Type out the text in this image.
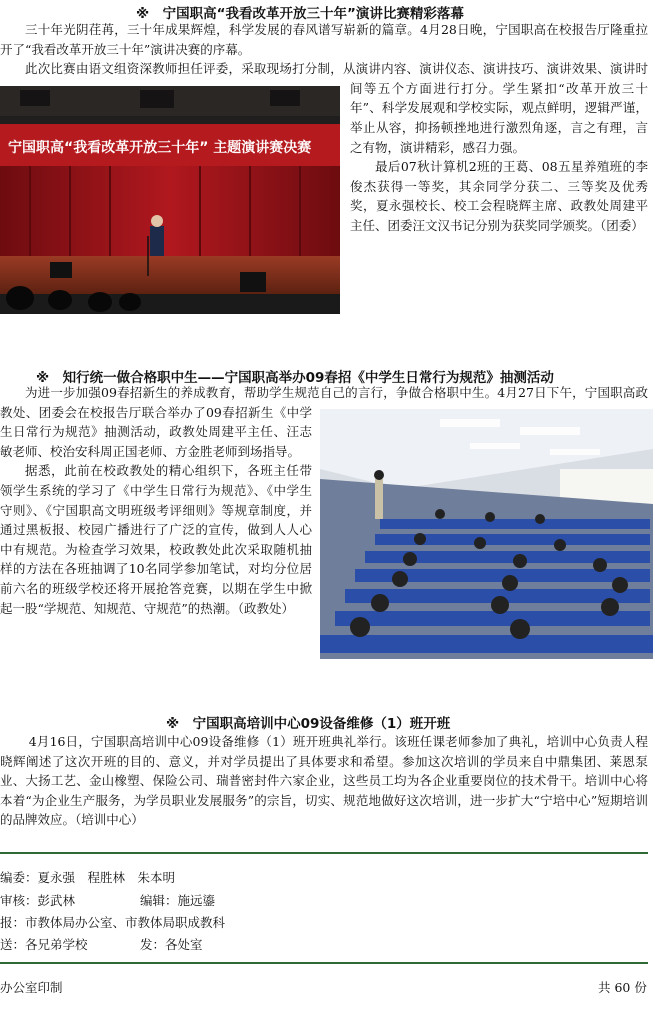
※　宁国职高“我看改革开放三十年”演讲比赛精彩落幕

三十年光阴荏苒，三十年成果辉煌，科学发展的春风谱写崭新的篇章。4月28日晚，宁国职高在校报告厅隆重拉开了“我看改革开放三十年”演讲决赛的序幕。

此次比赛由语文组资深教师担任评委，采取现场打分制，从演讲内容、演讲仪态、演讲技巧、演讲效果、演讲时间等五个方面进行打分。学生紧扣“改革开放三十年”、科学发展观和学校实际，观点鲜明，逻辑严谨，举止从容，抑扬顿挫地进行激烈角逐，言之有理，言之有物，演讲精彩，感召力强。

最后07秋计算机2班的王葛、08五星养殖班的李俊杰获得一等奖，其余同学分获二、三等奖及优秀奖，夏永强校长、校工会程晓辉主席、政教处周建平主任、团委汪文汉书记分别为获奖同学颁奖。（团委）

宁国职高“我看改革开放三十年” 主题演讲赛决赛
※　知行统一做合格职中生——宁国职高举办09春招《中学生日常行为规范》抽测活动

为进一步加强09春招新生的养成教育，帮助学生规范自己的言行，争做合格职中生。4月27日下午，宁国职高政教处、团委会在校报告厅联合举办了09春招新生《中学生日常行为规范》抽测活动，政教处周建平主任、汪志敏老师、校治安科周正国老师、方金胜老师到场指导。

据悉，此前在校政教处的精心组织下，各班主任带领学生系统的学习了《中学生日常行为规范》、《中学生守则》、《宁国职高文明班级考评细则》等规章制度，并通过黑板报、校园广播进行了广泛的宣传，做到人人心中有规范。为检查学习效果，校政教处此次采取随机抽样的方法在各班抽调了10名同学参加笔试，对均分位居前六名的班级学校还将开展抢答竞赛，以期在学生中掀起一股“学规范、知规范、守规范”的热潮。（政教处）

※　宁国职高培训中心09设备维修（1）班开班

4月16日，宁国职高培训中心09设备维修（1）班开班典礼举行。该班任课老师参加了典礼，培训中心负责人程晓辉阐述了这次开班的目的、意义，并对学员提出了具体要求和希望。参加这次培训的学员来自中鼎集团、莱恩泵业、大扬工艺、金山橡塑、保险公司、瑞普密封件六家企业，这些员工均为各企业重要岗位的技术骨干。培训中心将本着“为企业生产服务，为学员职业发展服务”的宗旨，切实、规范地做好这次培训，进一步扩大“宁培中心”短期培训的品牌效应。（培训中心）

编委：夏永强　程胜林　朱本明
审核：彭武林	编辑：施远鎏
报：市教体局办公室、市教体局职成教科
送：各兄弟学校	发：各处室
办公室印制	共 60 份
